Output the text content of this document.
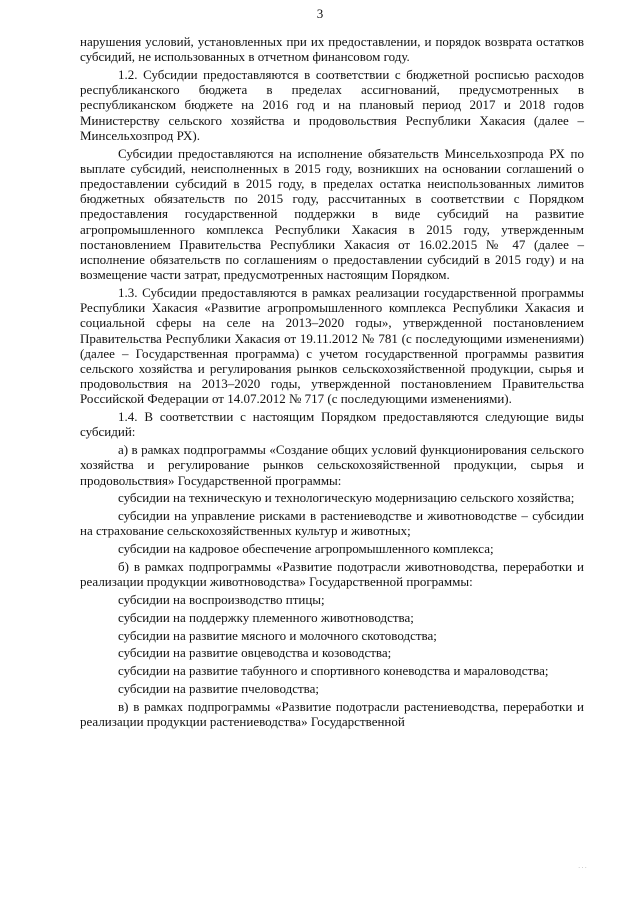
3

нарушения условий, установленных при их предоставлении, и порядок возврата остатков субсидий, не использованных в отчетном финансовом году.

1.2. Субсидии предоставляются в соответствии с бюджетной росписью расходов республиканского бюджета в пределах ассигнований, предусмотренных в республиканском бюджете на 2016 год и на плановый период 2017 и 2018 годов Министерству сельского хозяйства и продовольствия Республики Хакасия (далее – Минсельхозпрод РХ).

Субсидии предоставляются на исполнение обязательств Минсельхозпрода РХ по выплате субсидий, неисполненных в 2015 году, возникших на основании соглашений о предоставлении субсидий в 2015 году, в пределах остатка неиспользованных лимитов бюджетных обязательств по 2015 году, рассчитанных в соответствии с Порядком предоставления государственной поддержки в виде субсидий на развитие агропромышленного комплекса Республики Хакасия в 2015 году, утвержденным постановлением Правительства Республики Хакасия от 16.02.2015 № 47 (далее – исполнение обязательств по соглашениям о предоставлении субсидий в 2015 году) и на возмещение части затрат, предусмотренных настоящим Порядком.

1.3. Субсидии предоставляются в рамках реализации государственной программы Республики Хакасия «Развитие агропромышленного комплекса Республики Хакасия и социальной сферы на селе на 2013–2020 годы», утвержденной постановлением Правительства Республики Хакасия от 19.11.2012 № 781 (с последующими изменениями) (далее – Государственная программа) с учетом государственной программы развития сельского хозяйства и регулирования рынков сельскохозяйственной продукции, сырья и продовольствия на 2013–2020 годы, утвержденной постановлением Правительства Российской Федерации от 14.07.2012 № 717 (с последующими изменениями).

1.4. В соответствии с настоящим Порядком предоставляются следующие виды субсидий:

а) в рамках подпрограммы «Создание общих условий функционирования сельского хозяйства и регулирование рынков сельскохозяйственной продукции, сырья и продовольствия» Государственной программы:

субсидии на техническую и технологическую модернизацию сельского хозяйства;

субсидии на управление рисками в растениеводстве и животноводстве – субсидии на страхование сельскохозяйственных культур и животных;

субсидии на кадровое обеспечение агропромышленного комплекса;

б) в рамках подпрограммы «Развитие подотрасли животноводства, переработки и реализации продукции животноводства» Государственной программы:

субсидии на воспроизводство птицы;

субсидии на поддержку племенного животноводства;

субсидии на развитие мясного и молочного скотоводства;

субсидии на развитие овцеводства и козоводства;

субсидии на развитие табунного и спортивного коневодства и мараловодства;

субсидии на развитие пчеловодства;

в) в рамках подпрограммы «Развитие подотрасли растениеводства, переработки и реализации продукции растениеводства» Государственной

···
